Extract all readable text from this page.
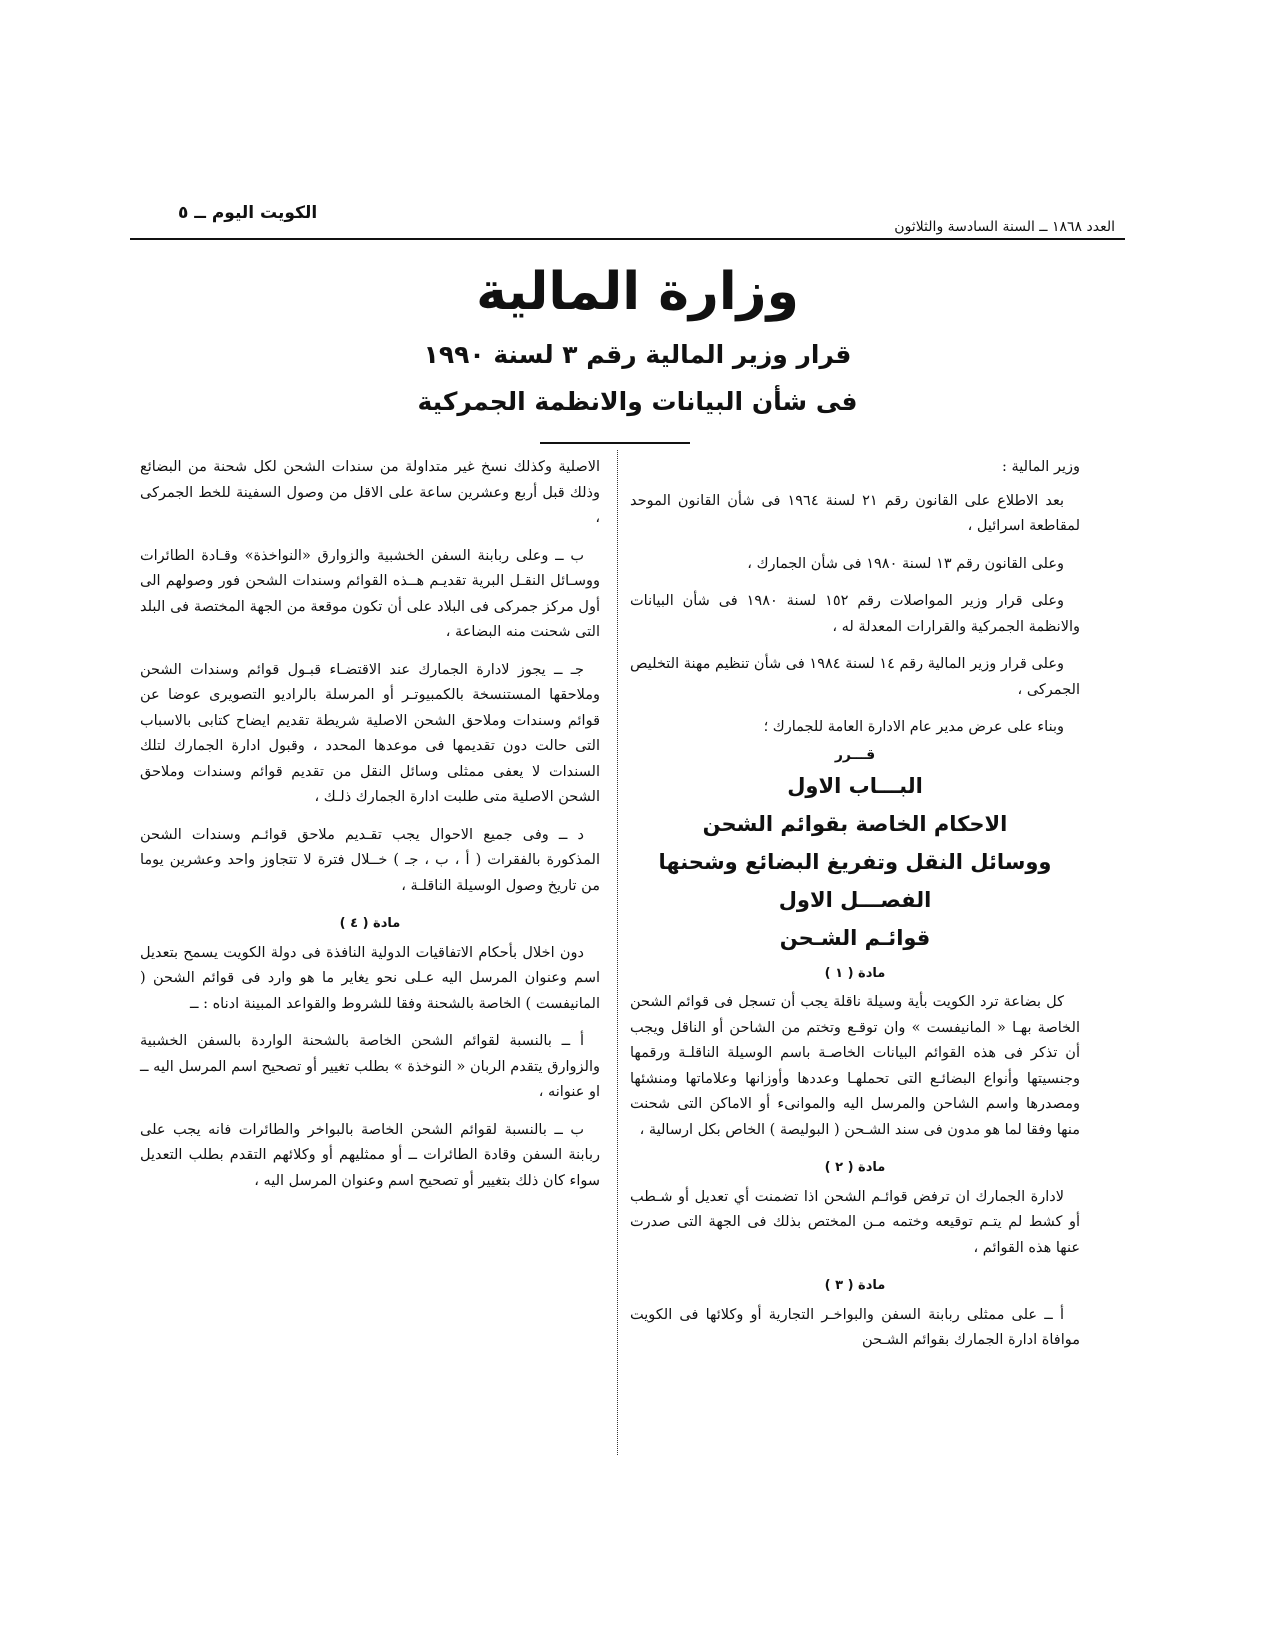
الكويت اليوم ــ ٥
العدد ١٨٦٨ ــ السنة السادسة والثلاثون
وزارة المالية
قرار وزير المالية رقم ٣ لسنة ١٩٩٠
فى شأن البيانات والانظمة الجمركية

وزير المالية :

بعد الاطلاع على القانون رقم ٢١ لسنة ١٩٦٤ فى شأن القانون الموحد لمقاطعة اسرائيل ،

وعلى القانون رقم ١٣ لسنة ١٩٨٠ فى شأن الجمارك ،

وعلى قرار وزير المواصلات رقم ١٥٢ لسنة ١٩٨٠ فى شأن البيانات والانظمة الجمركية والقرارات المعدلة له ،

وعلى قرار وزير المالية رقم ١٤ لسنة ١٩٨٤ فى شأن تنظيم مهنة التخليص الجمركى ،

وبناء على عرض مدير عام الادارة العامة للجمارك ؛

قـــرر

البـــاب الاول

الاحكام الخاصة بقوائم الشحن

ووسائل النقل وتفريغ البضائع وشحنها

الفصـــل الاول

قوائـم الشـحن

مادة ( ١ )

كل بضاعة ترد الكويت بأية وسيلة ناقلة يجب أن تسجل فى قوائم الشحن الخاصة بهـا « المانيفست » وان توقـع وتختم من الشاحن أو الناقل ويجب أن تذكر فى هذه القوائم البيانات الخاصـة باسم الوسيلة الناقلـة ورقمها وجنسيتها وأنواع البضائـع التى تحملهـا وعددها وأوزانها وعلاماتها ومنشئها ومصدرها واسم الشاحن والمرسل اليه والموانىء أو الاماكن التى شحنت منها وفقا لما هو مدون فى سند الشـحن ( البوليصة ) الخاص بكل ارسالية ،

مادة ( ٢ )

لادارة الجمارك ان ترفض قوائـم الشحن اذا تضمنت أي تعديل أو شـطب أو كشط لم يتـم توقيعه وختمه مـن المختص بذلك فى الجهة التى صدرت عنها هذه القوائم ،

مادة ( ٣ )

أ ــ على ممثلى ربابنة السفن والبواخـر التجارية أو وكلائها فى الكويت موافاة ادارة الجمارك بقوائم الشـحن

الاصلية وكذلك نسخ غير متداولة من سندات الشحن لكل شحنة من البضائع وذلك قبل أربع وعشرين ساعة على الاقل من وصول السفينة للخط الجمركى ،

ب ــ وعلى ربابنة السفن الخشبية والزوارق «النواخذة» وقـادة الطائرات ووسـائل النقـل البرية تقديـم هــذه القوائم وسندات الشحن فور وصولهم الى أول مركز جمركى فى البلاد على أن تكون موقعة من الجهة المختصة فى البلد التى شحنت منه البضاعة ،

جـ ــ يجوز لادارة الجمارك عند الاقتضـاء قبـول قوائم وسندات الشحن وملاحقها المستنسخة بالكمبيوتـر أو المرسلة بالراديو التصويرى عوضا عن قوائم وسندات وملاحق الشحن الاصلية شريطة تقديم ايضاح كتابى بالاسباب التى حالت دون تقديمها فى موعدها المحدد ، وقبول ادارة الجمارك لتلك السندات لا يعفى ممثلى وسائل النقل من تقديم قوائم وسندات وملاحق الشحن الاصلية متى طلبت ادارة الجمارك ذلـك ،

د ــ وفى جميع الاحوال يجب تقـديم ملاحق قوائـم وسندات الشحن المذكورة بالفقرات ( أ ، ب ، جـ ) خــلال فترة لا تتجاوز واحد وعشرين يوما من تاريخ وصول الوسيلة الناقلـة ،

مادة ( ٤ )

دون اخلال بأحكام الاتفاقيات الدولية النافذة فى دولة الكويت يسمح بتعديل اسم وعنوان المرسل اليه عـلى نحو يغاير ما هو وارد فى قوائم الشحن ( المانيفست ) الخاصة بالشحنة وفقا للشروط والقواعد المبينة ادناه : ــ

أ ــ بالنسبة لقوائم الشحن الخاصة بالشحنة الواردة بالسفن الخشبية والزوارق يتقدم الربان « النوخذة » بطلب تغيير أو تصحيح اسم المرسل اليه ــ او عنوانه ،

ب ــ بالنسبة لقوائم الشحن الخاصة بالبواخر والطائرات فانه يجب على ربابنة السفن وقادة الطائرات ــ أو ممثليهم أو وكلائهم التقدم بطلب التعديل سواء كان ذلك بتغيير أو تصحيح اسم وعنوان المرسل اليه ،
